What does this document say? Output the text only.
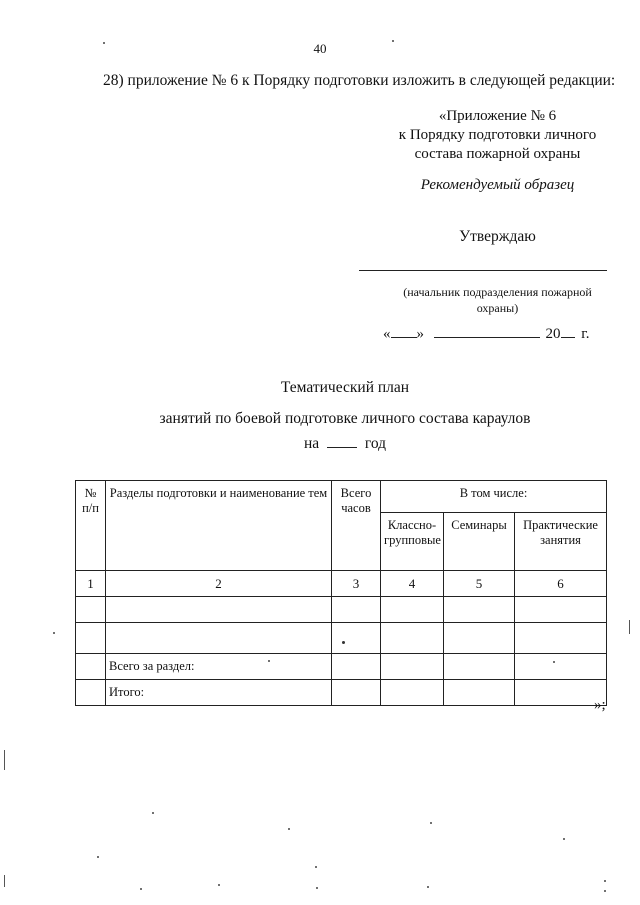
40
28) приложение № 6 к Порядку подготовки изложить в следующей редакции:
«Приложение № 6
к Порядку подготовки личного
состава пожарной охраны
Рекомендуемый образец
Утверждаю
(начальник подразделения пожарной
охраны)
« »	20 г.
Тематический план
занятий по боевой подготовке личного состава караулов
на	год
№ п/п	Разделы подготовки и наименование тем	Всего часов	В том числе:		
			Классно-групповые	Семинары	Практические занятия
1	2	3	4	5	6

	Всего за раздел:				
	Итого:				
»;
